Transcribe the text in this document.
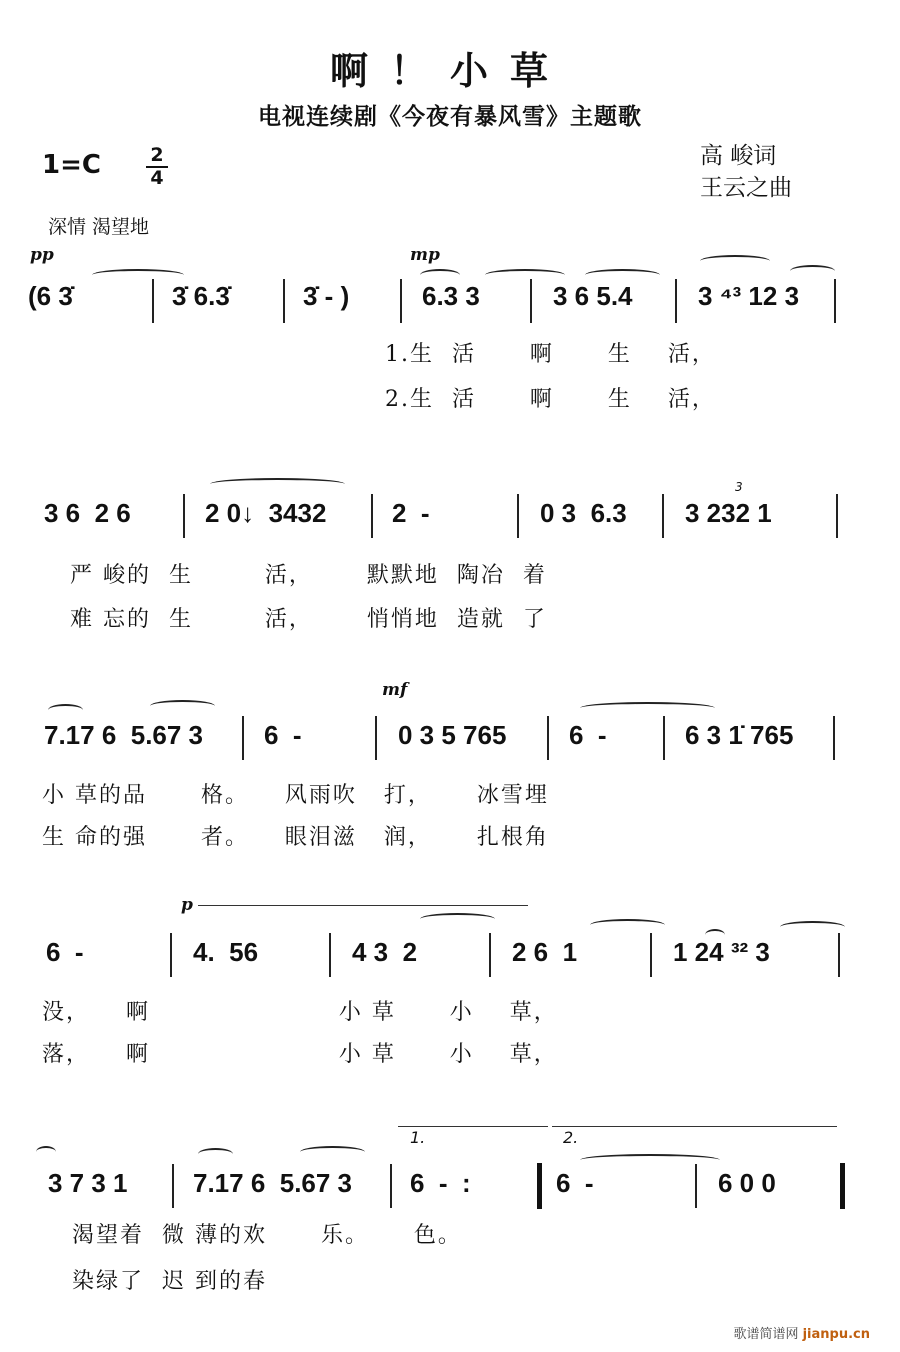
啊！小草
电视连续剧《今夜有暴风雪》主题歌
1=C	2
4
高 峻词
王云之曲
深情 渴望地
pp	mp
(6 3̇	3̇ 6.3̇	3̇ - )	6.3 3	3 6 5.4	3 ⁴³ 12 3
1.生  活      啊      生    活，
2.生  活      啊      生    活，
3
3 6  2 6	2 0↓  3432	2  -	0 3  6.3 3 232 1
严 峻的  生        活，      默默地  陶冶  着
难 忘的  生        活，      悄悄地  造就  了
mf
7.17 6  5.67 3 6  -	0 3 5 765 6  -	6 3 1̇ 765
小 草的品      格。    风雨吹   打，     冰雪埋
生 命的强      者。    眼泪滋   润，     扎根角
p
6  -	4.  56	4 3  2	2 6  1	1 24 ³² 3
没，    啊                     小 草      小    草，
落，    啊                     小 草      小    草，
1.	2.
3 7 3 1	7.17 6  5.67 3 6  -  :	6  -	6 0 0
渴望着  微 薄的欢      乐。     色。
染绿了  迟 到的春
歌谱简谱网 jianpu.cn
